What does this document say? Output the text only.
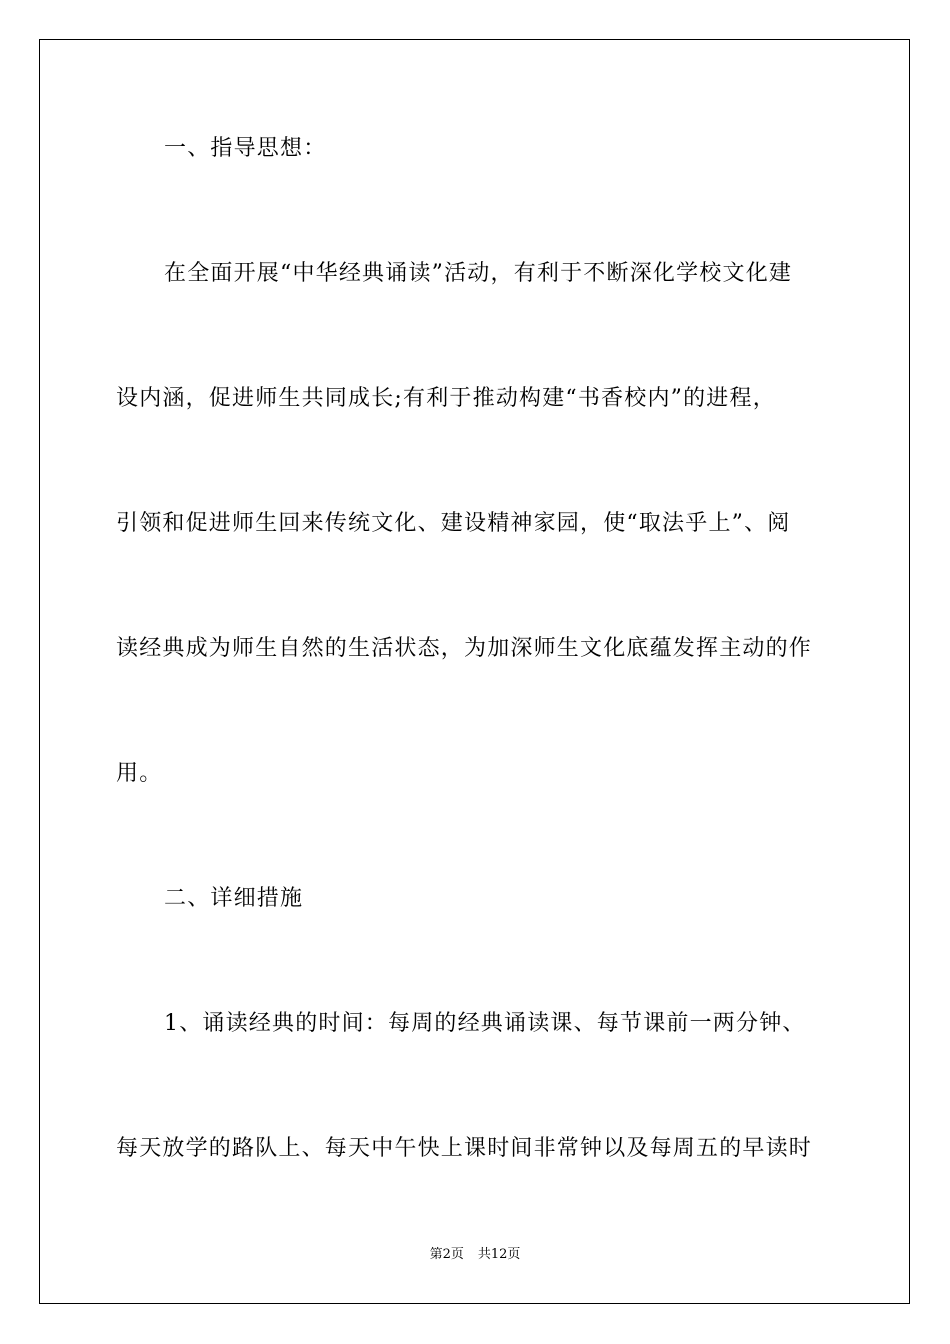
一、指导思想：
在全面开展“中华经典诵读”活动，有利于不断深化学校文化建
设内涵，促进师生共同成长;有利于推动构建“书香校内”的进程，
引领和促进师生回来传统文化、建设精神家园，使“取法乎上”、阅
读经典成为师生自然的生活状态，为加深师生文化底蕴发挥主动的作
用。
二、详细措施
1、诵读经典的时间：每周的经典诵读课、每节课前一两分钟、
每天放学的路队上、每天中午快上课时间非常钟以及每周五的早读时
第2页 共12页
